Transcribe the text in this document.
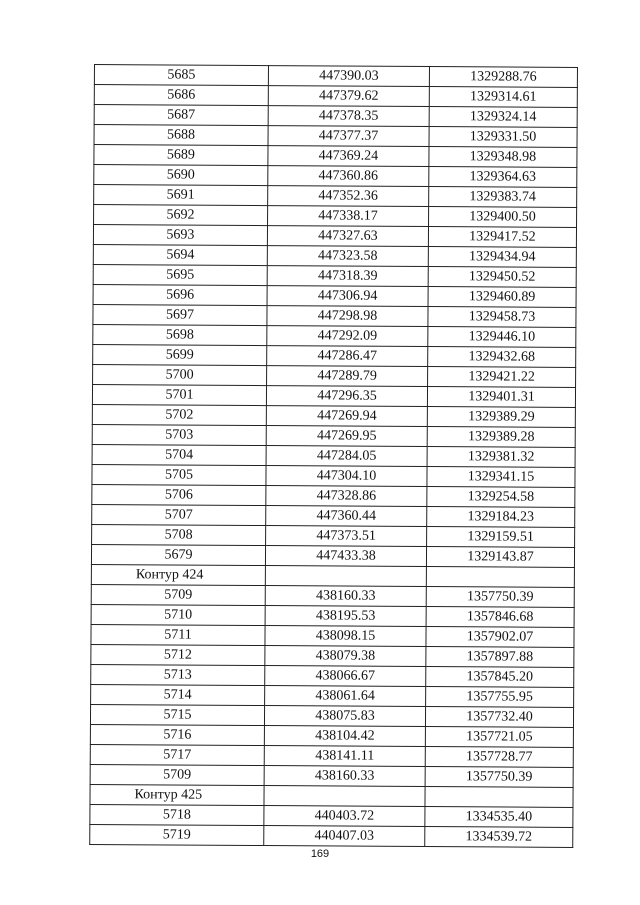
5685	447390.03	1329288.76
5686	447379.62	1329314.61
5687	447378.35	1329324.14
5688	447377.37	1329331.50
5689	447369.24	1329348.98
5690	447360.86	1329364.63
5691	447352.36	1329383.74
5692	447338.17	1329400.50
5693	447327.63	1329417.52
5694	447323.58	1329434.94
5695	447318.39	1329450.52
5696	447306.94	1329460.89
5697	447298.98	1329458.73
5698	447292.09	1329446.10
5699	447286.47	1329432.68
5700	447289.79	1329421.22
5701	447296.35	1329401.31
5702	447269.94	1329389.29
5703	447269.95	1329389.28
5704	447284.05	1329381.32
5705	447304.10	1329341.15
5706	447328.86	1329254.58
5707	447360.44	1329184.23
5708	447373.51	1329159.51
5679	447433.38	1329143.87
Контур 424		
5709	438160.33	1357750.39
5710	438195.53	1357846.68
5711	438098.15	1357902.07
5712	438079.38	1357897.88
5713	438066.67	1357845.20
5714	438061.64	1357755.95
5715	438075.83	1357732.40
5716	438104.42	1357721.05
5717	438141.11	1357728.77
5709	438160.33	1357750.39
Контур 425		
5718	440403.72	1334535.40
5719	440407.03	1334539.72
169
